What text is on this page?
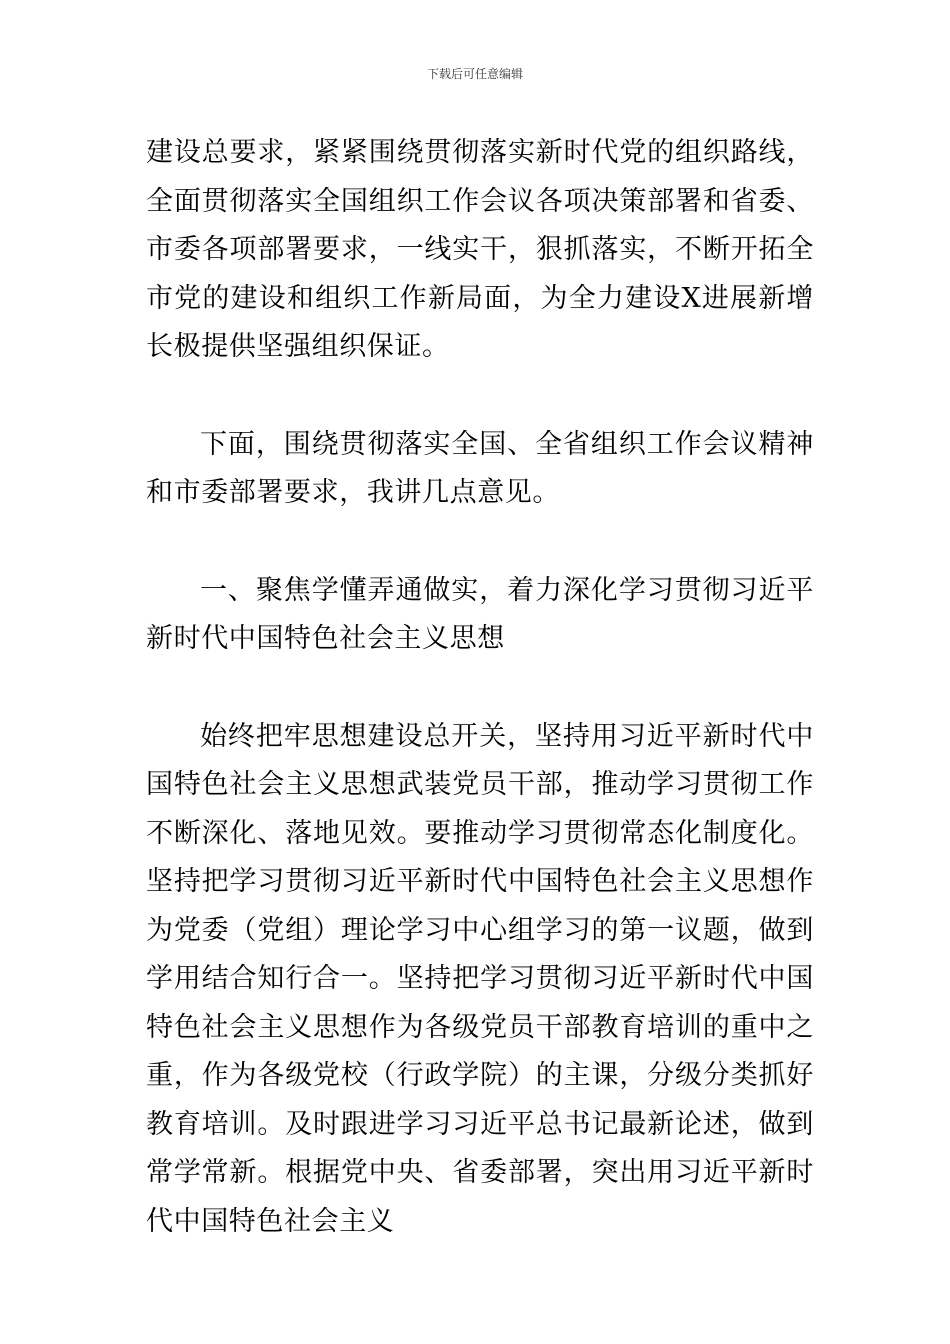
下载后可任意编辑

建设总要求，紧紧围绕贯彻落实新时代党的组织路线，全面贯彻落实全国组织工作会议各项决策部署和省委、市委各项部署要求，一线实干，狠抓落实，不断开拓全市党的建设和组织工作新局面，为全力建设X进展新增长极提供坚强组织保证。

下面，围绕贯彻落实全国、全省组织工作会议精神和市委部署要求，我讲几点意见。

一、聚焦学懂弄通做实，着力深化学习贯彻习近平新时代中国特色社会主义思想

始终把牢思想建设总开关，坚持用习近平新时代中国特色社会主义思想武装党员干部，推动学习贯彻工作不断深化、落地见效。要推动学习贯彻常态化制度化。坚持把学习贯彻习近平新时代中国特色社会主义思想作为党委（党组）理论学习中心组学习的第一议题，做到学用结合知行合一。坚持把学习贯彻习近平新时代中国特色社会主义思想作为各级党员干部教育培训的重中之重，作为各级党校（行政学院）的主课，分级分类抓好教育培训。及时跟进学习习近平总书记最新论述，做到常学常新。根据党中央、省委部署，突出用习近平新时代中国特色社会主义
